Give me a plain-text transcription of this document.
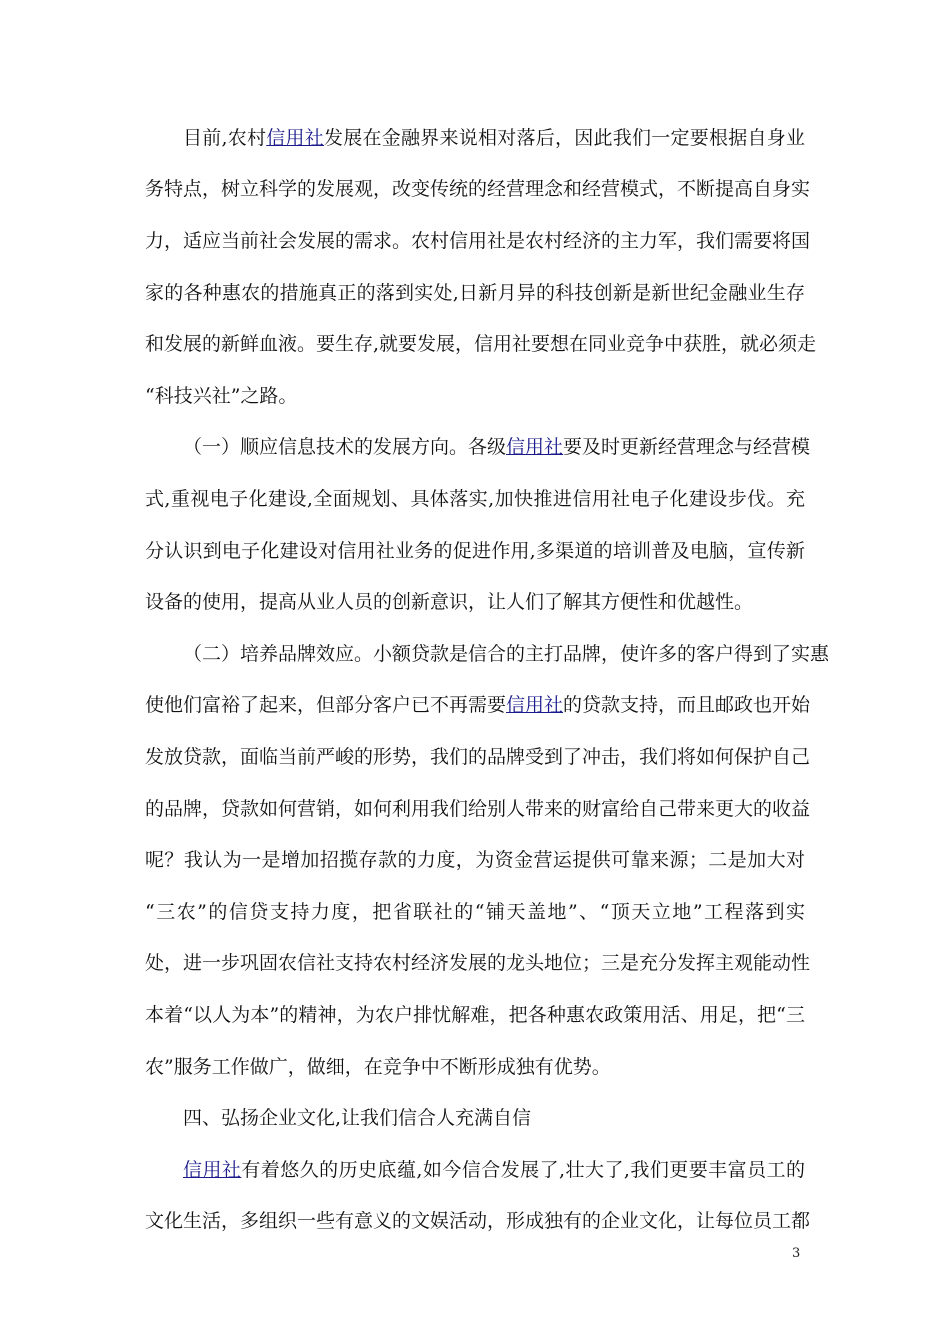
目前,农村信用社发展在金融界来说相对落后，因此我们一定要根据自身业
务特点，树立科学的发展观，改变传统的经营理念和经营模式，不断提高自身实
力，适应当前社会发展的需求。农村信用社是农村经济的主力军，我们需要将国
家的各种惠农的措施真正的落到实处,日新月异的科技创新是新世纪金融业生存
和发展的新鲜血液。要生存,就要发展，信用社要想在同业竞争中获胜，就必须走
“科技兴社”之路。
（一）顺应信息技术的发展方向。各级信用社要及时更新经营理念与经营模
式,重视电子化建设,全面规划、具体落实,加快推进信用社电子化建设步伐。充
分认识到电子化建设对信用社业务的促进作用,多渠道的培训普及电脑，宣传新
设备的使用，提高从业人员的创新意识，让人们了解其方便性和优越性。
（二）培养品牌效应。小额贷款是信合的主打品牌，使许多的客户得到了实惠
使他们富裕了起来，但部分客户已不再需要信用社的贷款支持，而且邮政也开始
发放贷款，面临当前严峻的形势，我们的品牌受到了冲击，我们将如何保护自己
的品牌，贷款如何营销，如何利用我们给别人带来的财富给自己带来更大的收益
呢？我认为一是增加招揽存款的力度，为资金营运提供可靠来源；二是加大对
“三农”的信贷支持力度，把省联社的“铺天盖地”、“顶天立地”工程落到实
处，进一步巩固农信社支持农村经济发展的龙头地位；三是充分发挥主观能动性
本着“以人为本”的精神，为农户排忧解难，把各种惠农政策用活、用足，把“三
农”服务工作做广，做细，在竞争中不断形成独有优势。
四、弘扬企业文化,让我们信合人充满自信
信用社有着悠久的历史底蕴,如今信合发展了,壮大了,我们更要丰富员工的
文化生活，多组织一些有意义的文娱活动，形成独有的企业文化，让每位员工都
3
